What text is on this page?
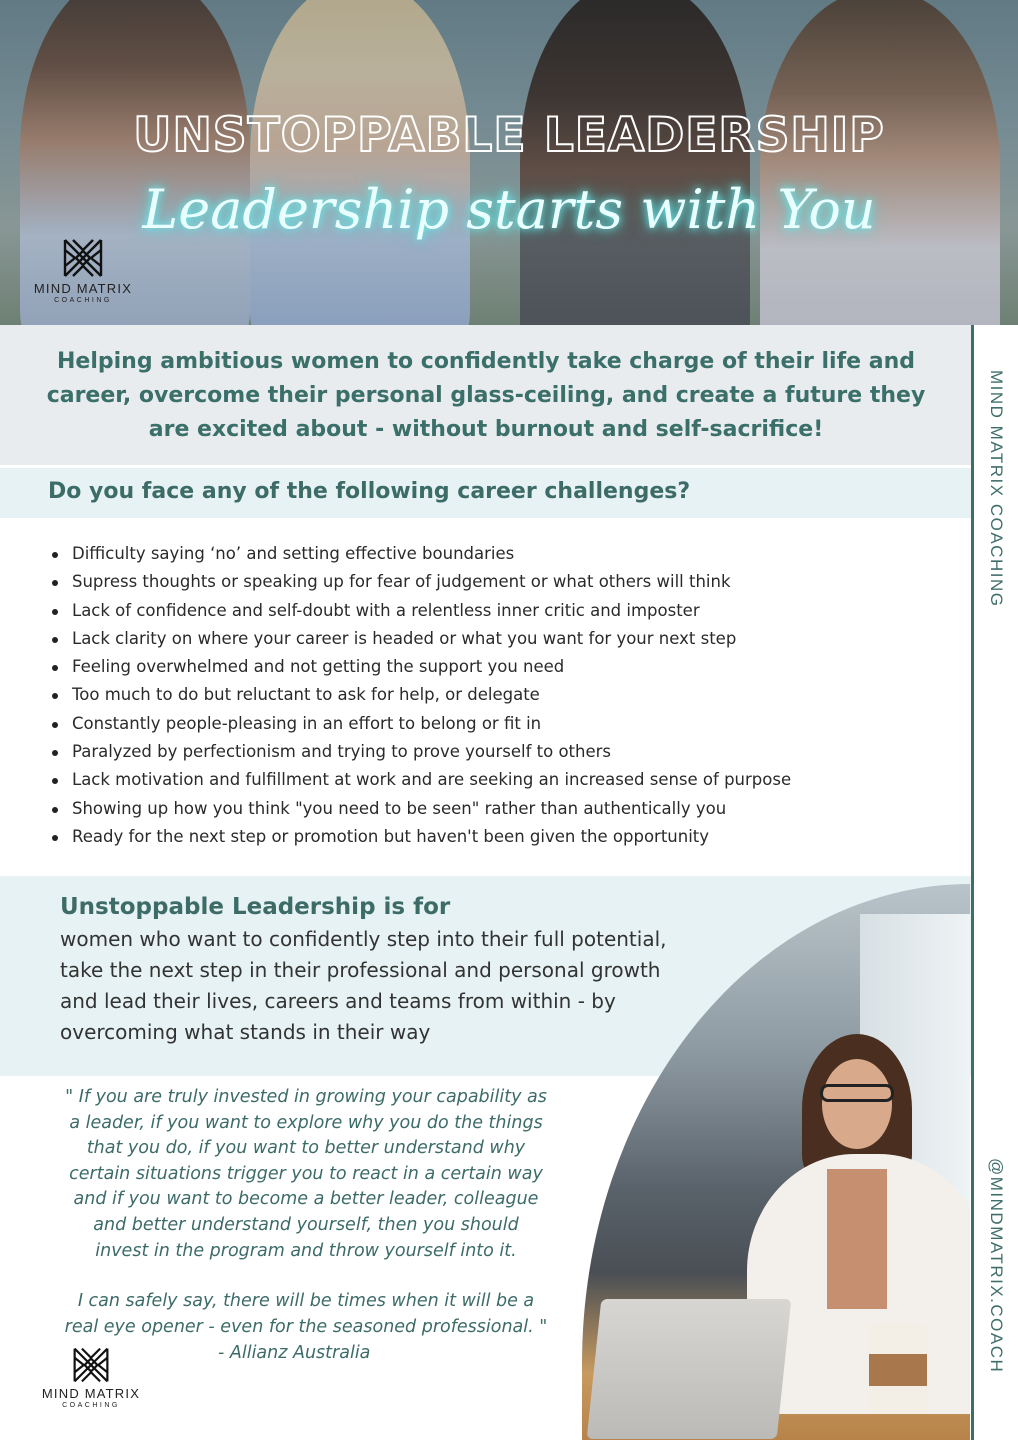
UNSTOPPABLE LEADERSHIP

Leadership starts with You

MIND MATRIX
COACHING

Helping ambitious women to confidently take charge of their life and career, overcome their personal glass-ceiling, and create a future they are excited about - without burnout and self-sacrifice!

Do you face any of the following career challenges?
Difficulty saying ‘no’ and setting effective boundaries
Supress thoughts or speaking up for fear of judgement or what others will think
Lack of confidence and self-doubt with a relentless inner critic and imposter
Lack clarity on where your career is headed or what you want for your next step
Feeling overwhelmed and not getting the support you need
Too much to do but reluctant to ask for help, or delegate
Constantly people-pleasing in an effort to belong or fit in
Paralyzed by perfectionism and trying to prove yourself to others
Lack motivation and fulfillment at work and are seeking an increased sense of purpose
Showing up how you think "you need to be seen" rather than authentically you
Ready for the next step or promotion but haven't been given the opportunity
Unstoppable Leadership is for

women who want to confidently step into their full potential, take the next step in their professional and personal growth and lead their lives, careers and teams from within - by overcoming what stands in their way

" If you are truly invested in growing your capability as
a leader, if you want to explore why you do the things
that you do, if you want to better understand why
certain situations trigger you to react in a certain way
and if you want to become a better leader, colleague
and better understand yourself, then you should
invest in the program and throw yourself into it.
I can safely say, there will be times when it will be a
real eye opener - even for the seasoned professional. "

- Allianz Australia

MIND MATRIX
COACHING
MIND MATRIX COACHING
@MINDMATRIX.COACH
